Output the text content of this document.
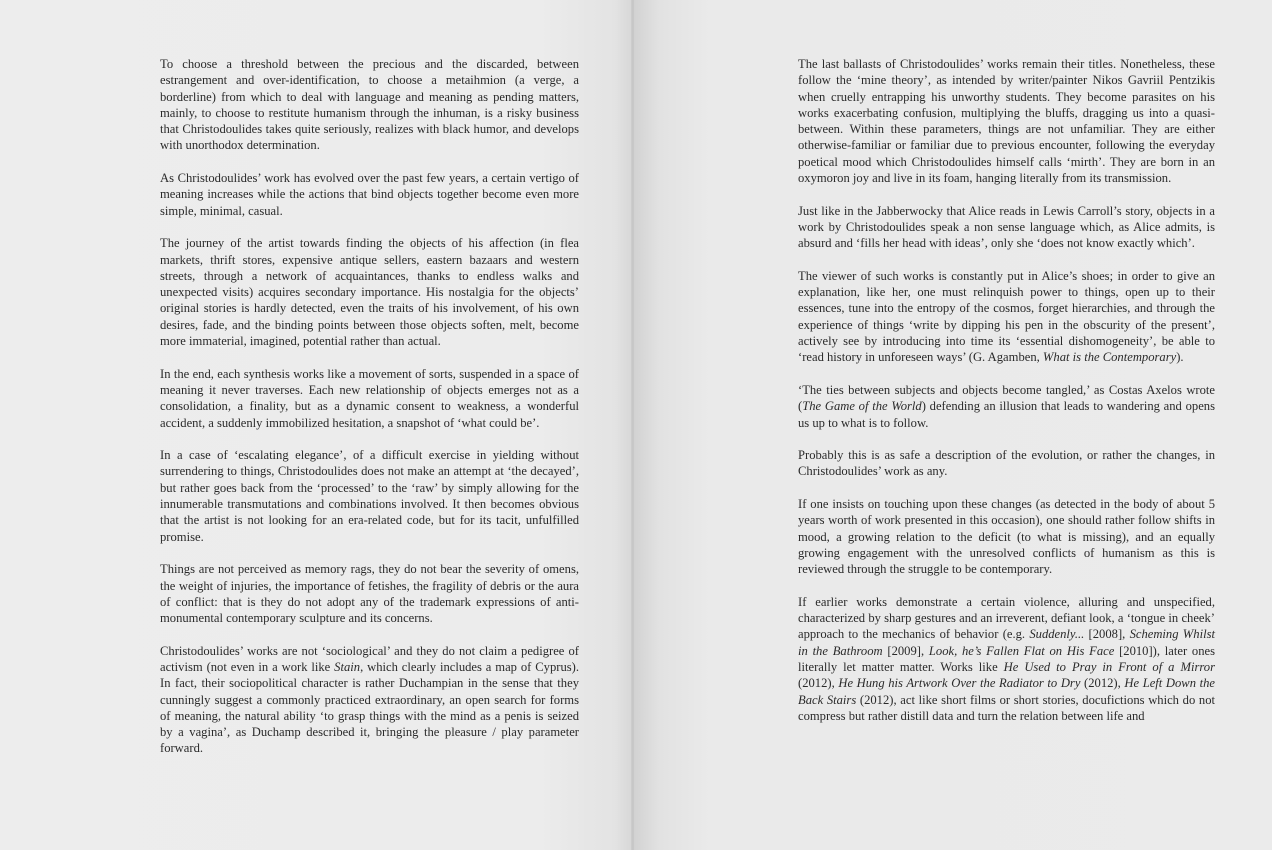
To choose a threshold between the precious and the discarded, between estrangement and over-identification, to choose a metaihmion (a verge, a borderline) from which to deal with language and meaning as pending matters, mainly, to choose to restitute humanism through the inhuman, is a risky business that Christodoulides takes quite seriously, realizes with black humor, and develops with unorthodox determination.

As Christodoulides’ work has evolved over the past few years, a certain vertigo of meaning increases while the actions that bind objects together become even more simple, minimal, casual.

The journey of the artist towards finding the objects of his affection (in flea markets, thrift stores, expensive antique sellers, eastern bazaars and western streets, through a network of acquaintances, thanks to endless walks and unexpected visits) acquires secondary importance. His nostalgia for the objects’ original stories is hardly detected, even the traits of his involvement, of his own desires, fade, and the binding points between those objects soften, melt, become more immaterial, imagined, potential rather than actual.

In the end, each synthesis works like a movement of sorts, suspended in a space of meaning it never traverses. Each new relationship of objects emerges not as a consolidation, a finality, but as a dynamic consent to weakness, a wonderful accident, a suddenly immobilized hesitation, a snapshot of ‘what could be’.

In a case of ‘escalating elegance’, of a difficult exercise in yielding without surrendering to things, Christodoulides does not make an attempt at ‘the decayed’, but rather goes back from the ‘processed’ to the ‘raw’ by simply allowing for the innumerable transmutations and combinations involved. It then becomes obvious that the artist is not looking for an era-related code, but for its tacit, unfulfilled promise.

Things are not perceived as memory rags, they do not bear the severity of omens, the weight of injuries, the importance of fetishes, the fragility of debris or the aura of conflict: that is they do not adopt any of the trademark expressions of anti-monumental contemporary sculpture and its concerns.

Christodoulides’ works are not ‘sociological’ and they do not claim a pedigree of activism (not even in a work like Stain, which clearly includes a map of Cyprus). In fact, their sociopolitical character is rather Duchampian in the sense that they cunningly suggest a commonly practiced extraordinary, an open search for forms of meaning, the natural ability ‘to grasp things with the mind as a penis is seized by a vagina’, as Duchamp described it, bringing the pleasure / play parameter forward.

The last ballasts of Christodoulides’ works remain their titles. Nonetheless, these follow the ‘mine theory’, as intended by writer/painter Nikos Gavriil Pentzikis when cruelly entrapping his unworthy students. They become parasites on his works exacerbating confusion, multiplying the bluffs, dragging us into a quasi-between. Within these parameters, things are not unfamiliar. They are either otherwise-familiar or familiar due to previous encounter, following the everyday poetical mood which Christodoulides himself calls ‘mirth’. They are born in an oxymoron joy and live in its foam, hanging literally from its transmission.

Just like in the Jabberwocky that Alice reads in Lewis Carroll’s story, objects in a work by Christodoulides speak a non sense language which, as Alice admits, is absurd and ‘fills her head with ideas’, only she ‘does not know exactly which’.

The viewer of such works is constantly put in Alice’s shoes; in order to give an explanation, like her, one must relinquish power to things, open up to their essences, tune into the entropy of the cosmos, forget hierarchies, and through the experience of things ‘write by dipping his pen in the obscurity of the present’, actively see by introducing into time its ‘essential dishomogeneity’, be able to ‘read history in unforeseen ways’ (G. Agamben, What is the Contemporary).

‘The ties between subjects and objects become tangled,’ as Costas Axelos wrote (The Game of the World) defending an illusion that leads to wandering and opens us up to what is to follow.

Probably this is as safe a description of the evolution, or rather the changes, in Christodoulides’ work as any.

If one insists on touching upon these changes (as detected in the body of about 5 years worth of work presented in this occasion), one should rather follow shifts in mood, a growing relation to the deficit (to what is missing), and an equally growing engagement with the unresolved conflicts of humanism as this is reviewed through the struggle to be contemporary.

If earlier works demonstrate a certain violence, alluring and unspecified, characterized by sharp gestures and an irreverent, defiant look, a ‘tongue in cheek’ approach to the mechanics of behavior (e.g. Suddenly... [2008], Scheming Whilst in the Bathroom [2009], Look, he’s Fallen Flat on His Face [2010]), later ones literally let matter matter. Works like He Used to Pray in Front of a Mirror (2012), He Hung his Artwork Over the Radiator to Dry (2012), He Left Down the Back Stairs (2012), act like short films or short stories, docufictions which do not compress but rather distill data and turn the relation between life and
